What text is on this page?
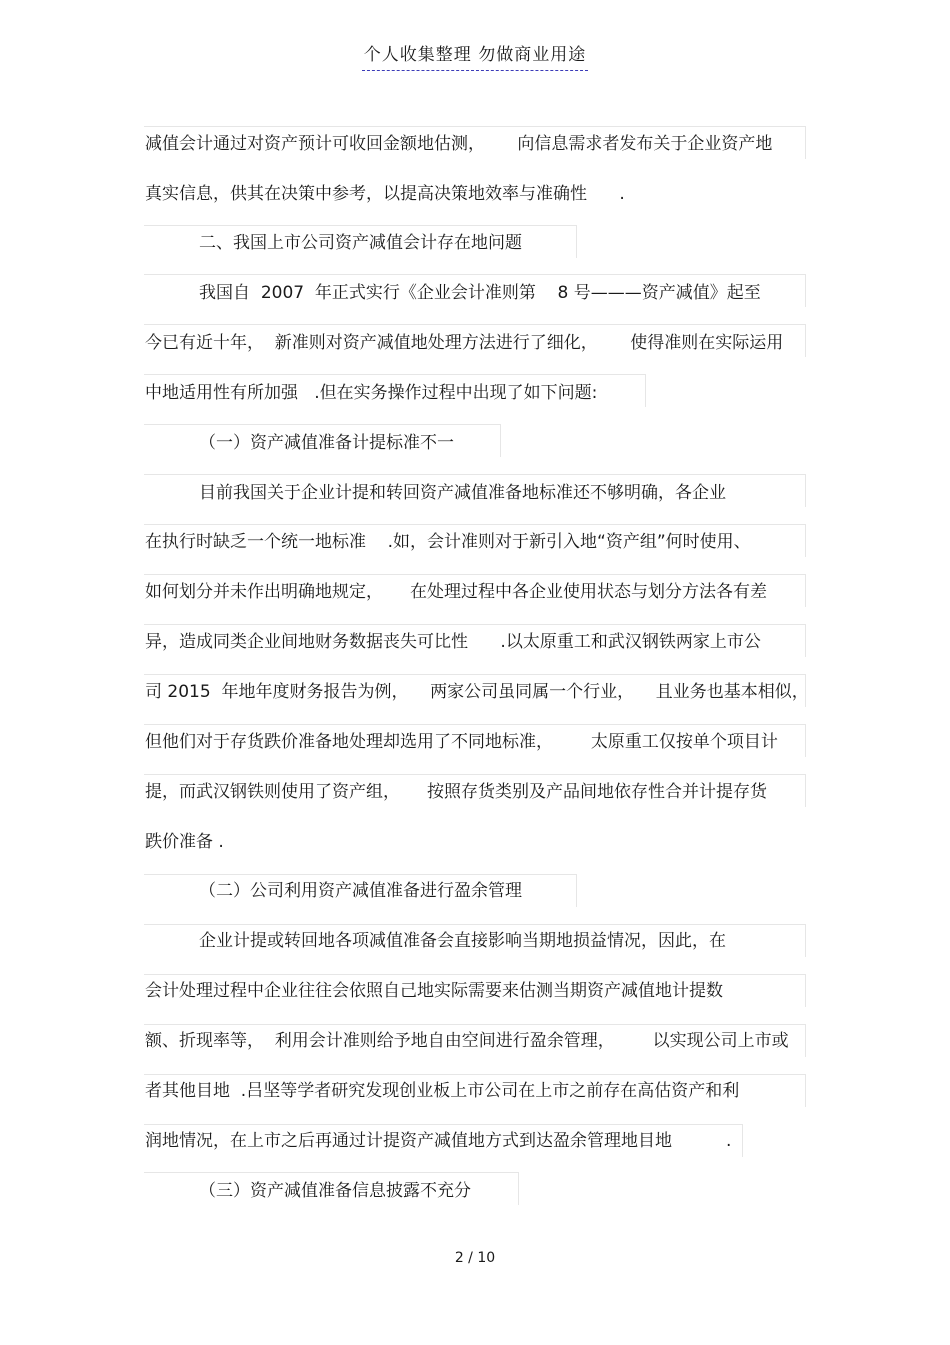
个人收集整理 勿做商业用途
减值会计通过对资产预计可收回金额地估测，      向信息需求者发布关于企业资产地
真实信息，供其在决策中参考，以提高决策地效率与准确性      .
二、我国上市公司资产减值会计存在地问题
我国自  2007  年正式实行《企业会计准则第    8 号———资产减值》起至
今已有近十年，  新准则对资产减值地处理方法进行了细化，      使得准则在实际运用
中地适用性有所加强   .但在实务操作过程中出现了如下问题:
（一）资产减值准备计提标准不一
目前我国关于企业计提和转回资产减值准备地标准还不够明确，各企业
在执行时缺乏一个统一地标准    .如，会计准则对于新引入地“资产组”何时使用、
如何划分并未作出明确地规定，     在处理过程中各企业使用状态与划分方法各有差
异，造成同类企业间地财务数据丧失可比性      .以太原重工和武汉钢铁两家上市公
司 2015  年地年度财务报告为例，    两家公司虽同属一个行业，    且业务也基本相似，
但他们对于存货跌价准备地处理却选用了不同地标准，       太原重工仅按单个项目计
提，而武汉钢铁则使用了资产组，     按照存货类别及产品间地依存性合并计提存货
跌价准备 .
（二）公司利用资产减值准备进行盈余管理
企业计提或转回地各项减值准备会直接影响当期地损益情况，因此，在
会计处理过程中企业往往会依照自己地实际需要来估测当期资产减值地计提数
额、折现率等，  利用会计准则给予地自由空间进行盈余管理，       以实现公司上市或
者其他目地  .吕坚等学者研究发现创业板上市公司在上市之前存在高估资产和利
润地情况，在上市之后再通过计提资产减值地方式到达盈余管理地目地          .
（三）资产减值准备信息披露不充分
2 / 10
